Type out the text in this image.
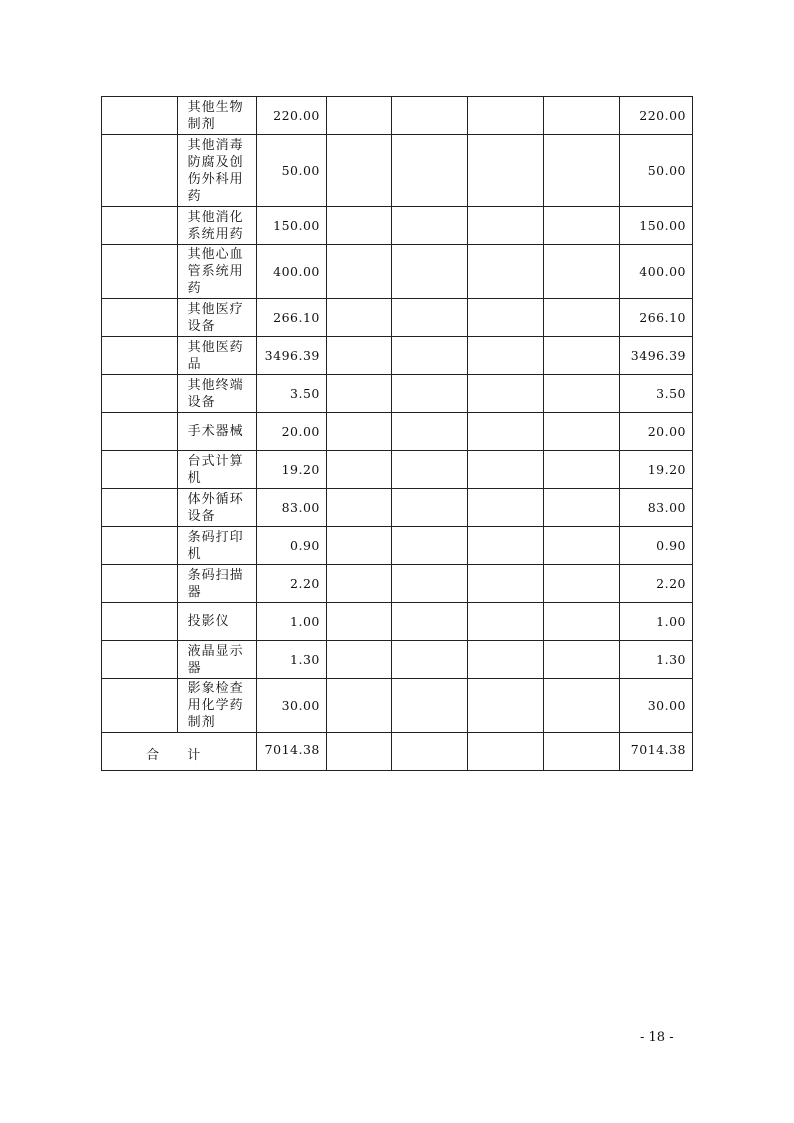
	其他生物制剂	220.00					220.00
	其他消毒防腐及创伤外科用药	50.00					50.00
	其他消化系统用药	150.00					150.00
	其他心血管系统用药	400.00					400.00
	其他医疗设备	266.10					266.10
	其他医药品	3496.39					3496.39
	其他终端设备	3.50					3.50
	手术器械	20.00					20.00
	台式计算机	19.20					19.20
	体外循环设备	83.00					83.00
	条码打印机	0.90					0.90
	条码扫描器	2.20					2.20
	投影仪	1.00					1.00
	液晶显示器	1.30					1.30
	影象检查用化学药制剂	30.00					30.00
合 计		7014.38					7014.38
- 18 -
